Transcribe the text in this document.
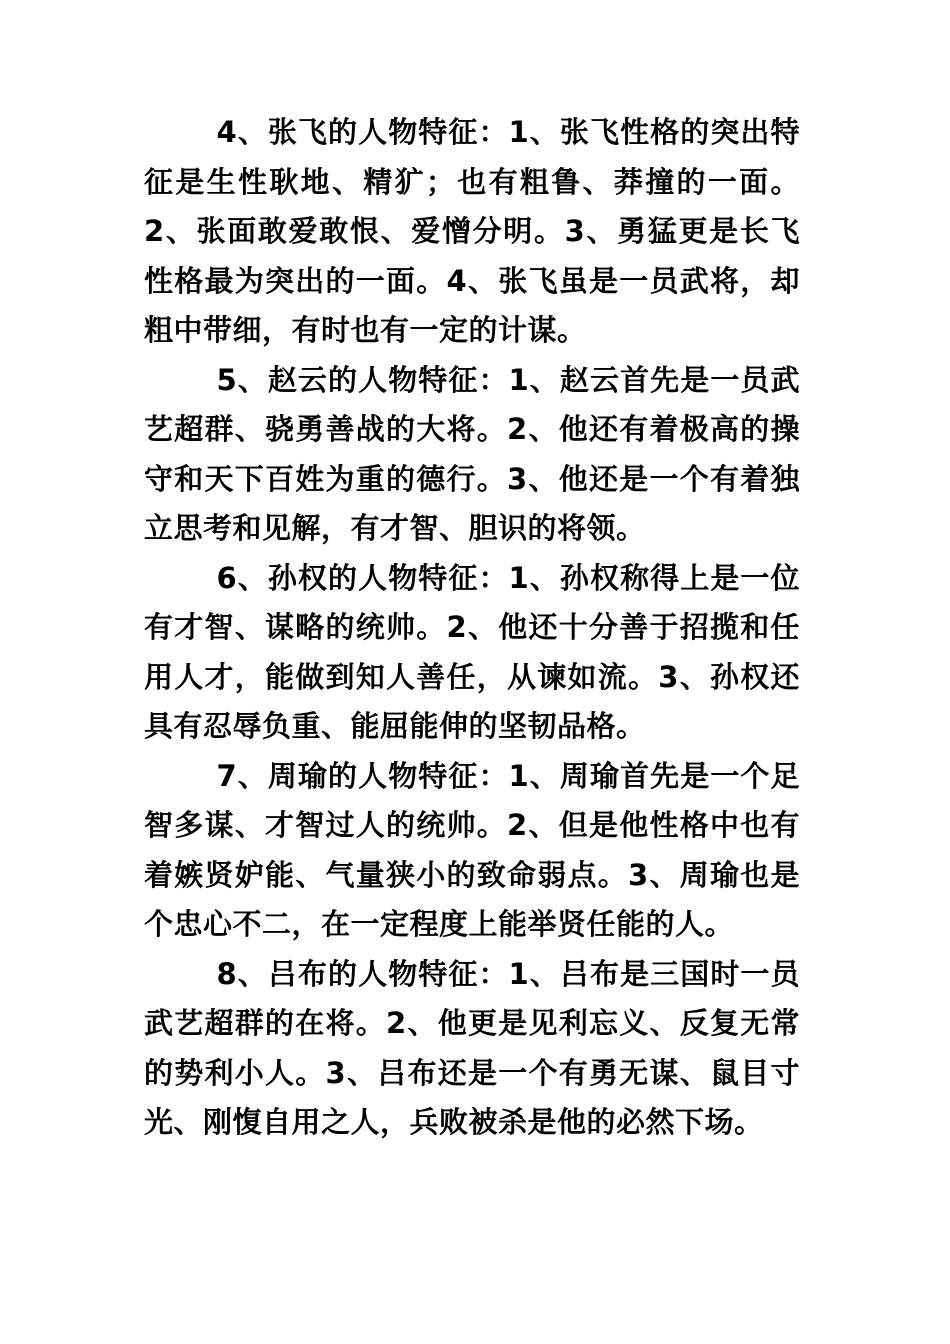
4、张飞的人物特征：1、张飞性格的突出特征是生性耿地、精犷；也有粗鲁、莽撞的一面。2、张面敢爱敢恨、爱憎分明。3、勇猛更是长飞性格最为突出的一面。4、张飞虽是一员武将，却粗中带细，有时也有一定的计谋。

5、赵云的人物特征：1、赵云首先是一员武艺超群、骁勇善战的大将。2、他还有着极高的操守和天下百姓为重的德行。3、他还是一个有着独立思考和见解，有才智、胆识的将领。

6、孙权的人物特征：1、孙权称得上是一位有才智、谋略的统帅。2、他还十分善于招揽和任用人才，能做到知人善任，从谏如流。3、孙权还具有忍辱负重、能屈能伸的坚韧品格。

7、周瑜的人物特征：1、周瑜首先是一个足智多谋、才智过人的统帅。2、但是他性格中也有着嫉贤妒能、气量狭小的致命弱点。3、周瑜也是个忠心不二，在一定程度上能举贤任能的人。

8、吕布的人物特征：1、吕布是三国时一员武艺超群的在将。2、他更是见利忘义、反复无常的势利小人。3、吕布还是一个有勇无谋、鼠目寸光、刚愎自用之人，兵败被杀是他的必然下场。
